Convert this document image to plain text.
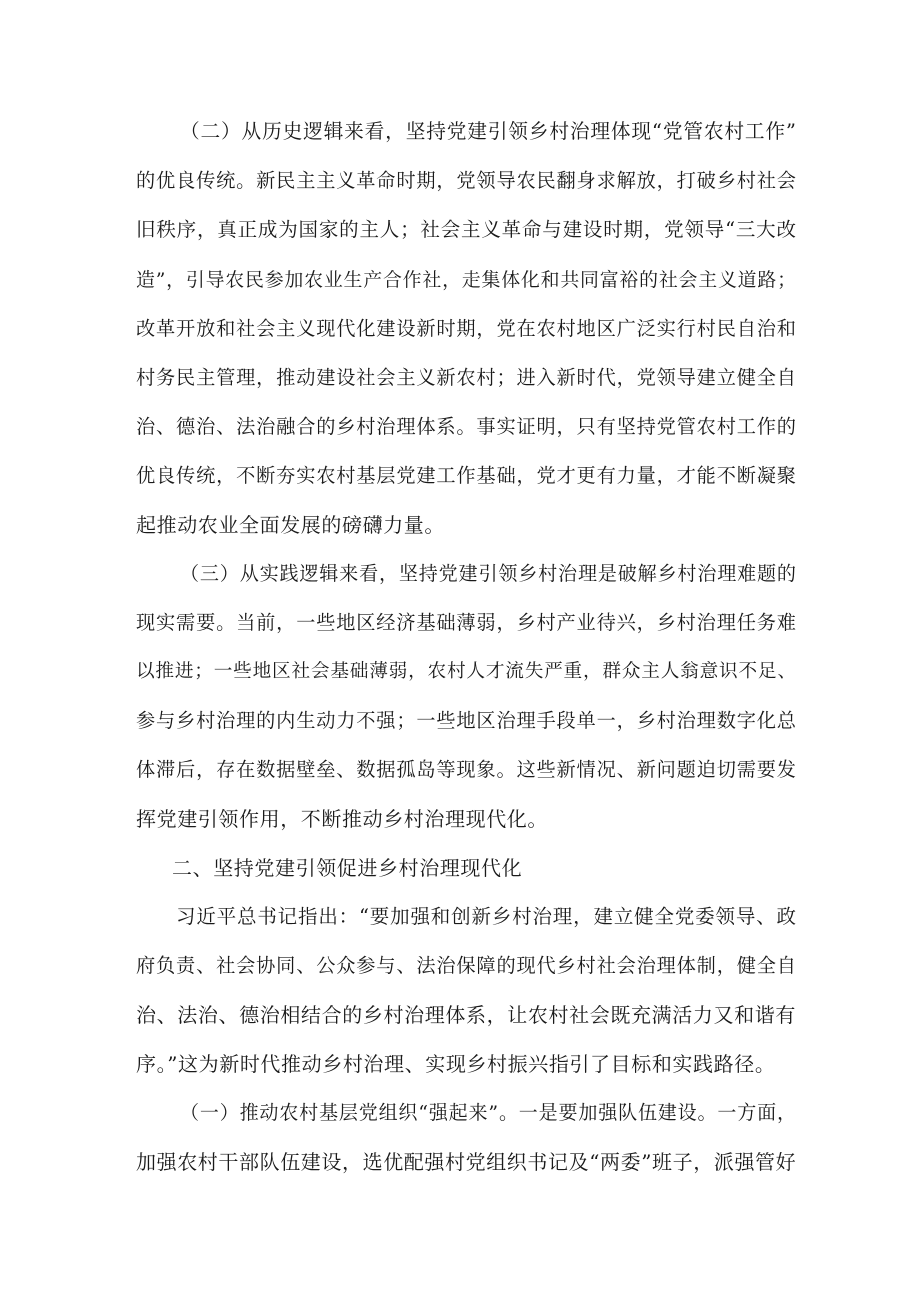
（二）从历史逻辑来看，坚持党建引领乡村治理体现“党管农村工作”
的优良传统。新民主主义革命时期，党领导农民翻身求解放，打破乡村社会
旧秩序，真正成为国家的主人；社会主义革命与建设时期，党领导“三大改
造”，引导农民参加农业生产合作社，走集体化和共同富裕的社会主义道路；
改革开放和社会主义现代化建设新时期，党在农村地区广泛实行村民自治和
村务民主管理，推动建设社会主义新农村；进入新时代，党领导建立健全自
治、德治、法治融合的乡村治理体系。事实证明，只有坚持党管农村工作的
优良传统，不断夯实农村基层党建工作基础，党才更有力量，才能不断凝聚
起推动农业全面发展的磅礴力量。
（三）从实践逻辑来看，坚持党建引领乡村治理是破解乡村治理难题的
现实需要。当前，一些地区经济基础薄弱，乡村产业待兴，乡村治理任务难
以推进；一些地区社会基础薄弱，农村人才流失严重，群众主人翁意识不足、
参与乡村治理的内生动力不强；一些地区治理手段单一，乡村治理数字化总
体滞后，存在数据壁垒、数据孤岛等现象。这些新情况、新问题迫切需要发
挥党建引领作用，不断推动乡村治理现代化。
二、坚持党建引领促进乡村治理现代化
习近平总书记指出：“要加强和创新乡村治理，建立健全党委领导、政
府负责、社会协同、公众参与、法治保障的现代乡村社会治理体制，健全自
治、法治、德治相结合的乡村治理体系，让农村社会既充满活力又和谐有
序。”这为新时代推动乡村治理、实现乡村振兴指引了目标和实践路径。
（一）推动农村基层党组织“强起来”。一是要加强队伍建设。一方面，
加强农村干部队伍建设，选优配强村党组织书记及“两委”班子，派强管好
